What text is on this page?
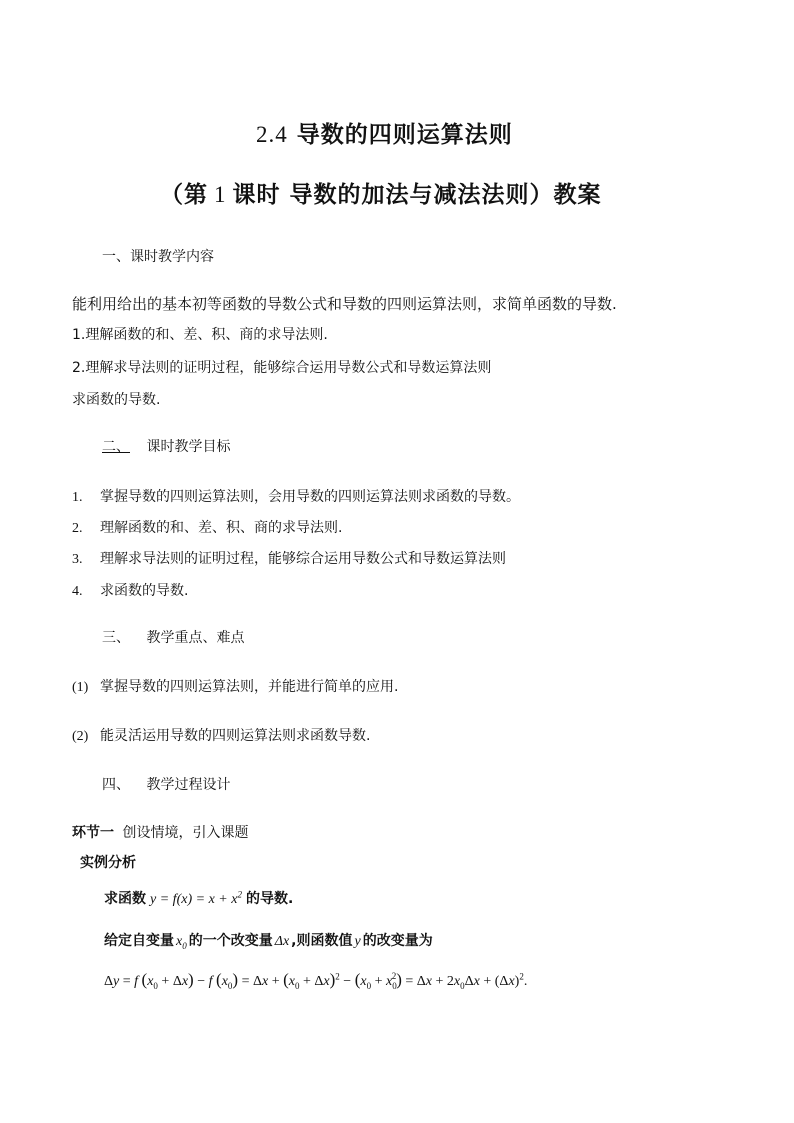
2.4 导数的四则运算法则
（第 1 课时 导数的加法与减法法则）教案
一、课时教学内容
能利用给出的基本初等函数的导数公式和导数的四则运算法则，求简单函数的导数.
1.理解函数的和、差、积、商的求导法则.
2.理解求导法则的证明过程，能够综合运用导数公式和导数运算法则
求函数的导数.
二、 课时教学目标
1. 掌握导数的四则运算法则，会用导数的四则运算法则求函数的导数。
2. 理解函数的和、差、积、商的求导法则.
3. 理解求导法则的证明过程，能够综合运用导数公式和导数运算法则
4. 求函数的导数.
三、 教学重点、难点
(1) 掌握导数的四则运算法则，并能进行简单的应用.
(2) 能灵活运用导数的四则运算法则求函数导数.
四、 教学过程设计
环节一 创设情境，引入课题
实例分析
求函数 $y = f(x) = x + x^2$ 的导数.
给定自变量 $x_0$ 的一个改变量 Δx ,则函数值 y 的改变量为
Δy = f $(x_0 + \Delta x) - f$ $(x_0) = \Delta x + (x_0 + \Delta x)^2 - (x_0 + x_0^2) = \Delta x + 2x_0\Delta x + (\Delta x)^2$.
